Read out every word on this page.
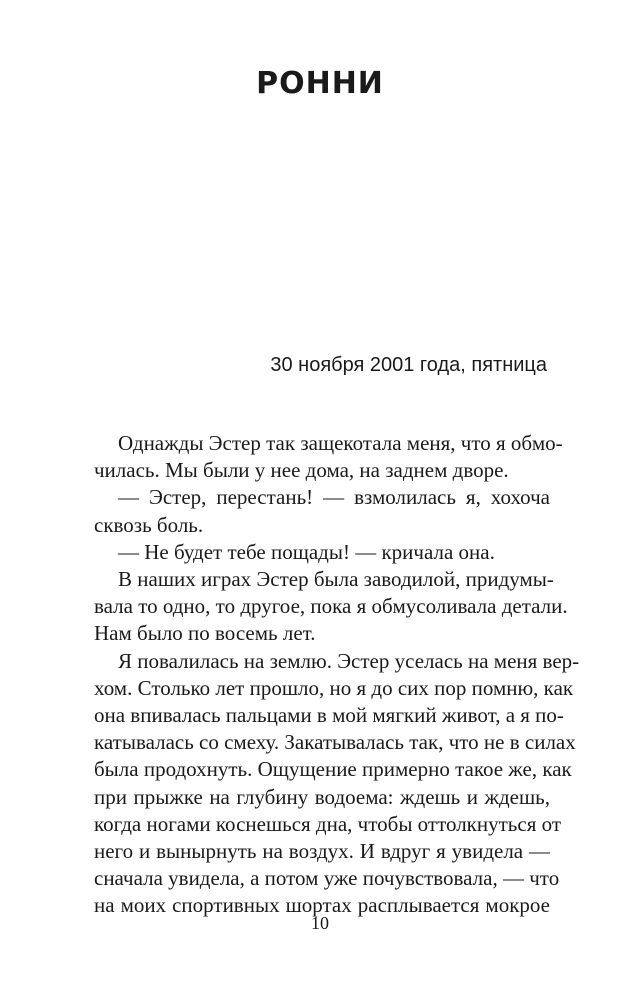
РОННИ
30 ноября 2001 года, пятница
Однажды Эстер так защекотала меня, что я обмо-
чилась. Мы были у нее дома, на заднем дворе.
— Эстер, перестань! — взмолилась я, хохоча
сквозь боль.
— Не будет тебе пощады! — кричала она.
В наших играх Эстер была заводилой, придумы-
вала то одно, то другое, пока я обмусоливала детали.
Нам было по восемь лет.
Я повалилась на землю. Эстер уселась на меня вер-
хом. Столько лет прошло, но я до сих пор помню, как
она впивалась пальцами в мой мягкий живот, а я по-
катывалась со смеху. Закатывалась так, что не в силах
была продохнуть. Ощущение примерно такое же, как
при прыжке на глубину водоема: ждешь и ждешь,
когда ногами коснешься дна, чтобы оттолкнуться от
него и вынырнуть на воздух. И вдруг я увидела —
сначала увидела, а потом уже почувствовала, — что
на моих спортивных шортах расплывается мокрое
10
